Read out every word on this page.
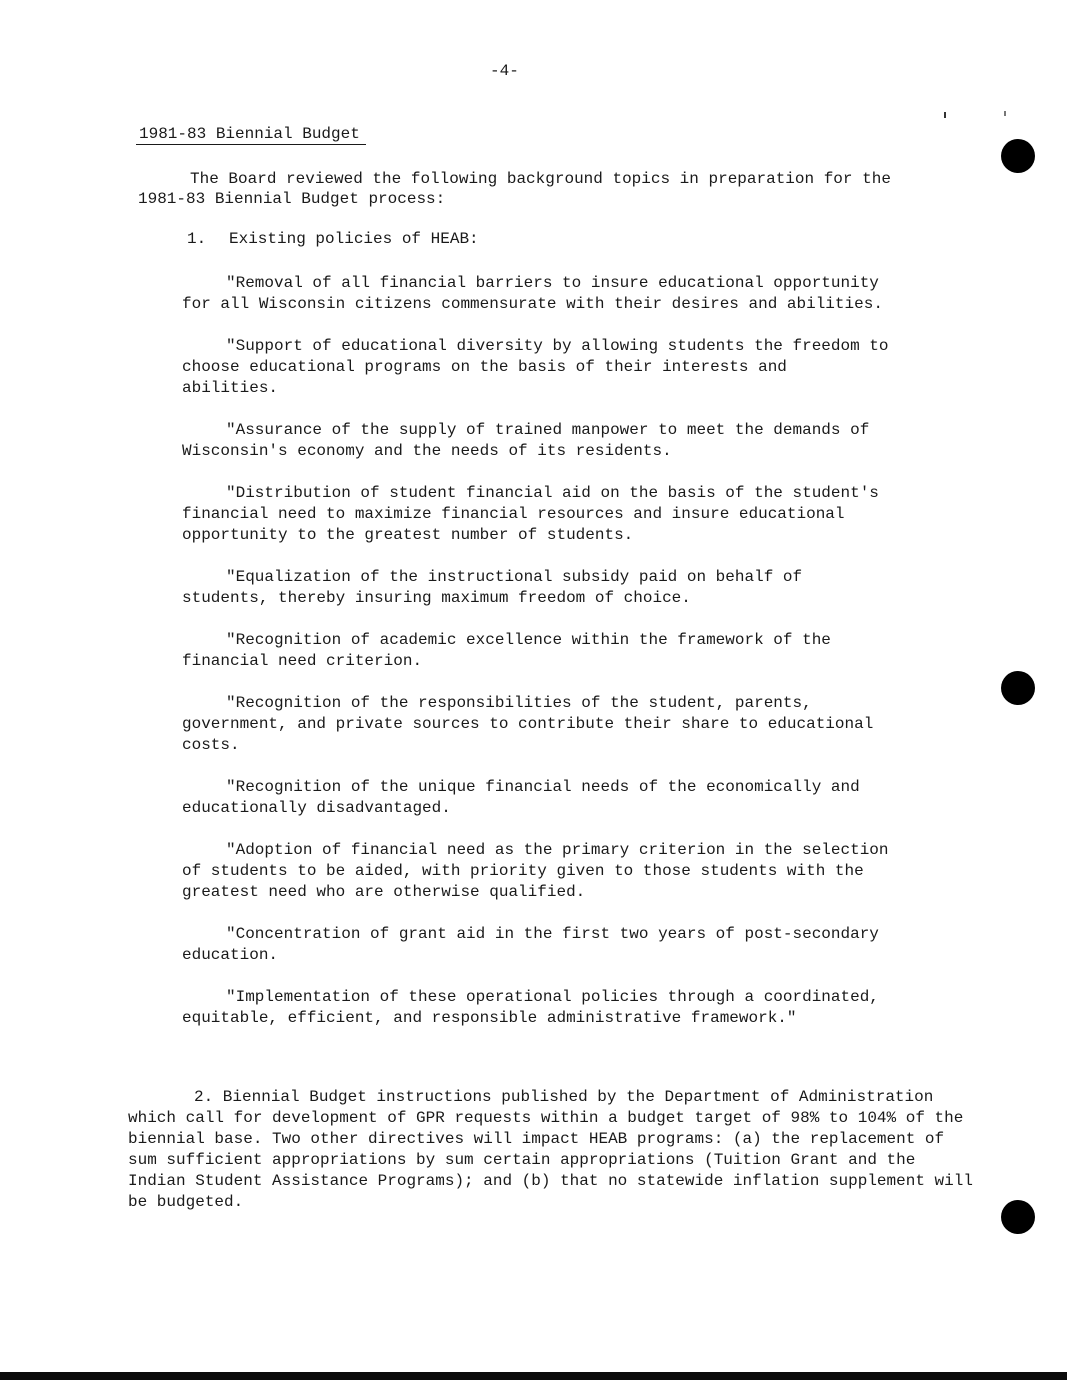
-4-
1981-83 Biennial Budget

The Board reviewed the following background topics in preparation for the 1981-83 Biennial Budget process:

1. Existing policies of HEAB:
"Removal of all financial barriers to insure educational opportunity for all Wisconsin citizens commensurate with their desires and abilities.
"Support of educational diversity by allowing students the freedom to choose educational programs on the basis of their interests and abilities.
"Assurance of the supply of trained manpower to meet the demands of Wisconsin's economy and the needs of its residents.
"Distribution of student financial aid on the basis of the student's financial need to maximize financial resources and insure educational opportunity to the greatest number of students.
"Equalization of the instructional subsidy paid on behalf of students, thereby insuring maximum freedom of choice.
"Recognition of academic excellence within the framework of the financial need criterion.
"Recognition of the responsibilities of the student, parents, government, and private sources to contribute their share to educational costs.
"Recognition of the unique financial needs of the economically and educationally disadvantaged.
"Adoption of financial need as the primary criterion in the selection of students to be aided, with priority given to those students with the greatest need who are otherwise qualified.
"Concentration of grant aid in the first two years of post-secondary education.
"Implementation of these operational policies through a coordinated, equitable, efficient, and responsible administrative framework."

2. Biennial Budget instructions published by the Department of Administration which call for development of GPR requests within a budget target of 98% to 104% of the biennial base. Two other directives will impact HEAB programs: (a) the replacement of sum sufficient appropriations by sum certain appropriations (Tuition Grant and the Indian Student Assistance Programs); and (b) that no statewide inflation supplement will be budgeted.
